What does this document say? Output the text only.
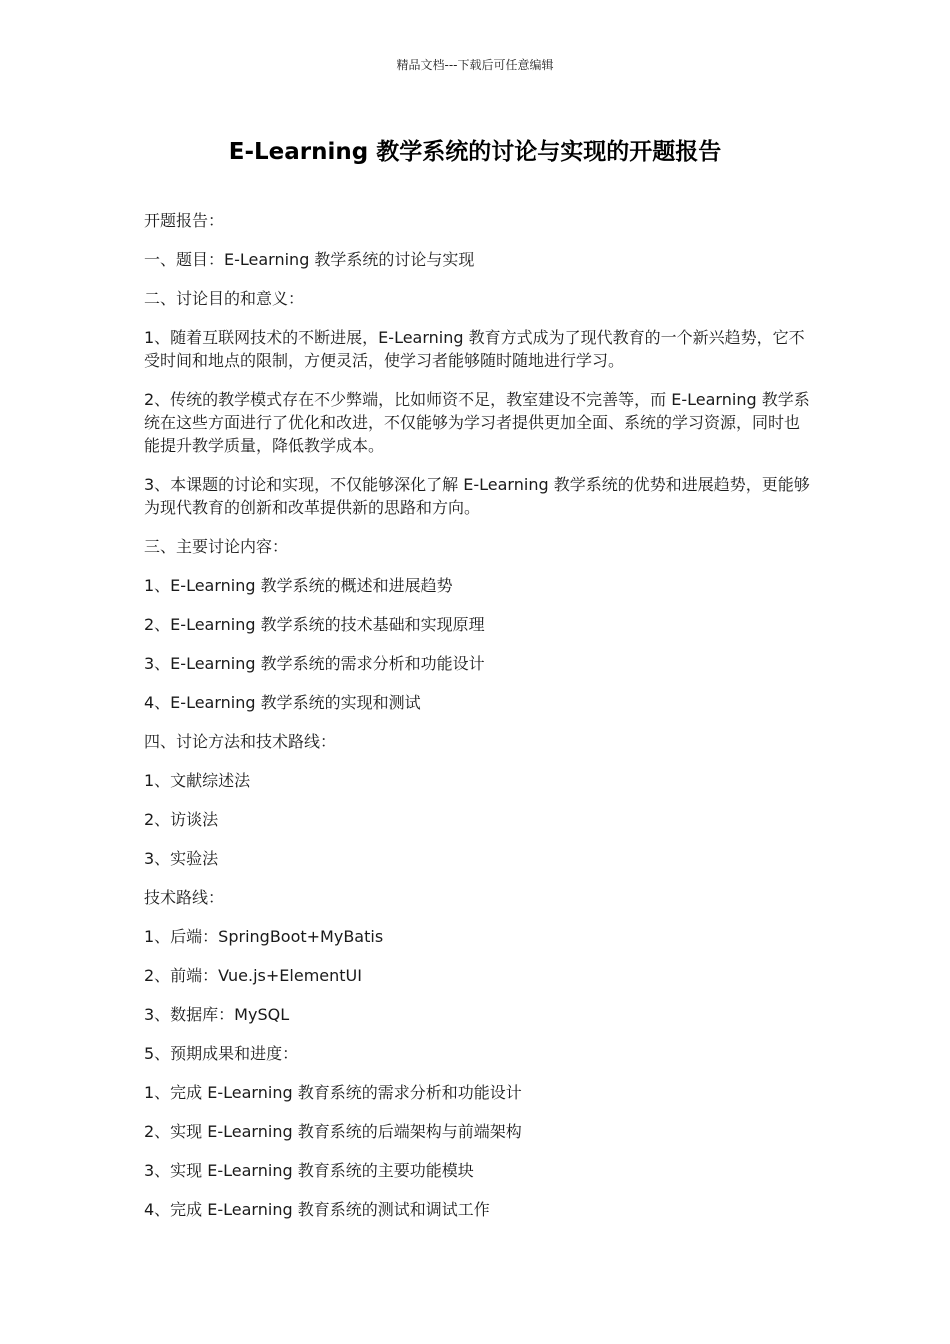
精品文档---下载后可任意编辑
E-Learning 教学系统的讨论与实现的开题报告

开题报告：

一、题目：E-Learning 教学系统的讨论与实现

二、讨论目的和意义：

1、随着互联网技术的不断进展，E-Learning 教育方式成为了现代教育的一个新兴趋势，它不受时间和地点的限制，方便灵活，使学习者能够随时随地进行学习。

2、传统的教学模式存在不少弊端，比如师资不足，教室建设不完善等，而 E-Learning 教学系统在这些方面进行了优化和改进，不仅能够为学习者提供更加全面、系统的学习资源，同时也能提升教学质量，降低教学成本。

3、本课题的讨论和实现，不仅能够深化了解 E-Learning 教学系统的优势和进展趋势，更能够为现代教育的创新和改革提供新的思路和方向。

三、主要讨论内容：

1、E-Learning 教学系统的概述和进展趋势

2、E-Learning 教学系统的技术基础和实现原理

3、E-Learning 教学系统的需求分析和功能设计

4、E-Learning 教学系统的实现和测试

四、讨论方法和技术路线：

1、文献综述法

2、访谈法

3、实验法

技术路线：

1、后端：SpringBoot+MyBatis

2、前端：Vue.js+ElementUI

3、数据库：MySQL

5、预期成果和进度：

1、完成 E-Learning 教育系统的需求分析和功能设计

2、实现 E-Learning 教育系统的后端架构与前端架构

3、实现 E-Learning 教育系统的主要功能模块

4、完成 E-Learning 教育系统的测试和调试工作
